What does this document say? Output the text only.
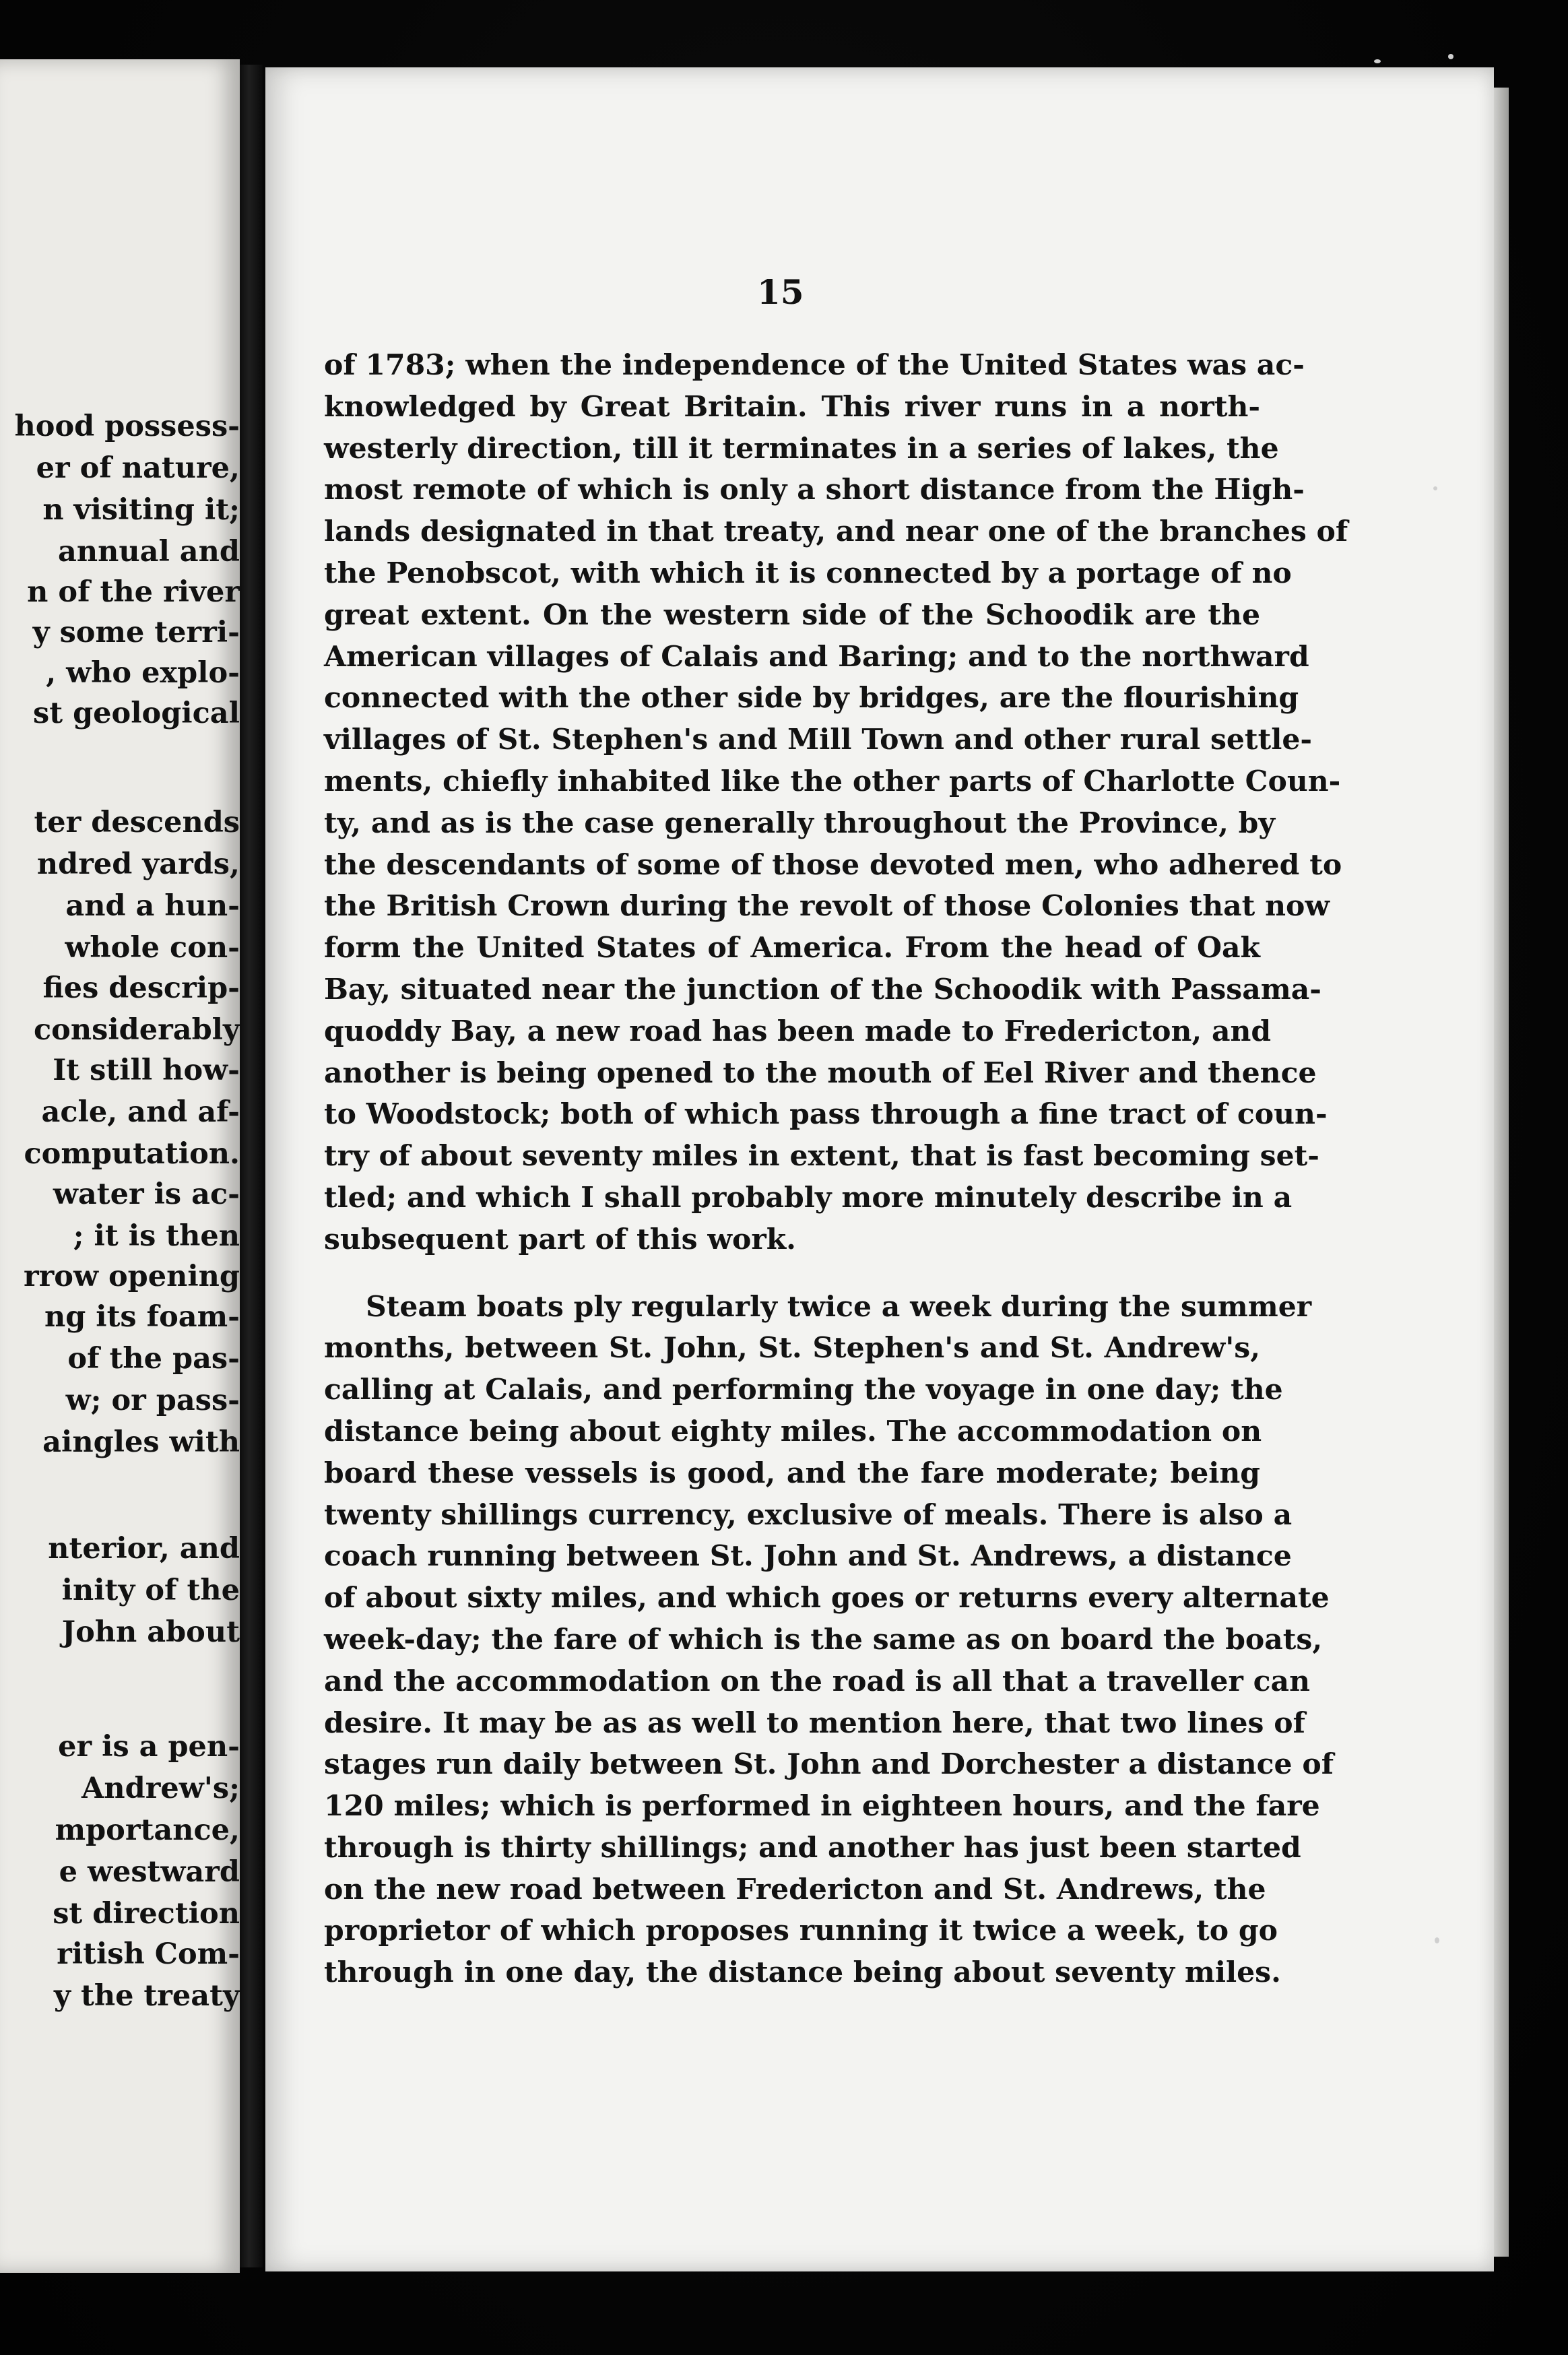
hood possess-
er of nature,
n visiting it;
annual and
n of the river
y some terri-
, who explo-
st geological
ter descends
ndred yards,
and a hun-
whole con-
fies descrip-
considerably
It still how-
acle, and af-
computation.
water is ac-
; it is then
rrow opening
ng its foam-
of the pas-
w; or pass-
aingles with
nterior, and
inity of the
John about
er is a pen-
Andrew's;
mportance,
e westward
st direction
ritish Com-
y the treaty
15
of 1783; when the independence of the United States was ac-
knowledged by Great Britain. This river runs in a north-
westerly direction, till it terminates in a series of lakes, the
most remote of which is only a short distance from the High-
lands designated in that treaty, and near one of the branches of
the Penobscot, with which it is connected by a portage of no
great extent. On the western side of the Schoodik are the
American villages of Calais and Baring; and to the northward
connected with the other side by bridges, are the flourishing
villages of St. Stephen's and Mill Town and other rural settle-
ments, chiefly inhabited like the other parts of Charlotte Coun-
ty, and as is the case generally throughout the Province, by
the descendants of some of those devoted men, who adhered to
the British Crown during the revolt of those Colonies that now
form the United States of America. From the head of Oak
Bay, situated near the junction of the Schoodik with Passama-
quoddy Bay, a new road has been made to Fredericton, and
another is being opened to the mouth of Eel River and thence
to Woodstock; both of which pass through a fine tract of coun-
try of about seventy miles in extent, that is fast becoming set-
tled; and which I shall probably more minutely describe in a
subsequent part of this work.
Steam boats ply regularly twice a week during the summer
months, between St. John, St. Stephen's and St. Andrew's,
calling at Calais, and performing the voyage in one day; the
distance being about eighty miles. The accommodation on
board these vessels is good, and the fare moderate; being
twenty shillings currency, exclusive of meals. There is also a
coach running between St. John and St. Andrews, a distance
of about sixty miles, and which goes or returns every alternate
week-day; the fare of which is the same as on board the boats,
and the accommodation on the road is all that a traveller can
desire. It may be as as well to mention here, that two lines of
stages run daily between St. John and Dorchester a distance of
120 miles; which is performed in eighteen hours, and the fare
through is thirty shillings; and another has just been started
on the new road between Fredericton and St. Andrews, the
proprietor of which proposes running it twice a week, to go
through in one day, the distance being about seventy miles.
